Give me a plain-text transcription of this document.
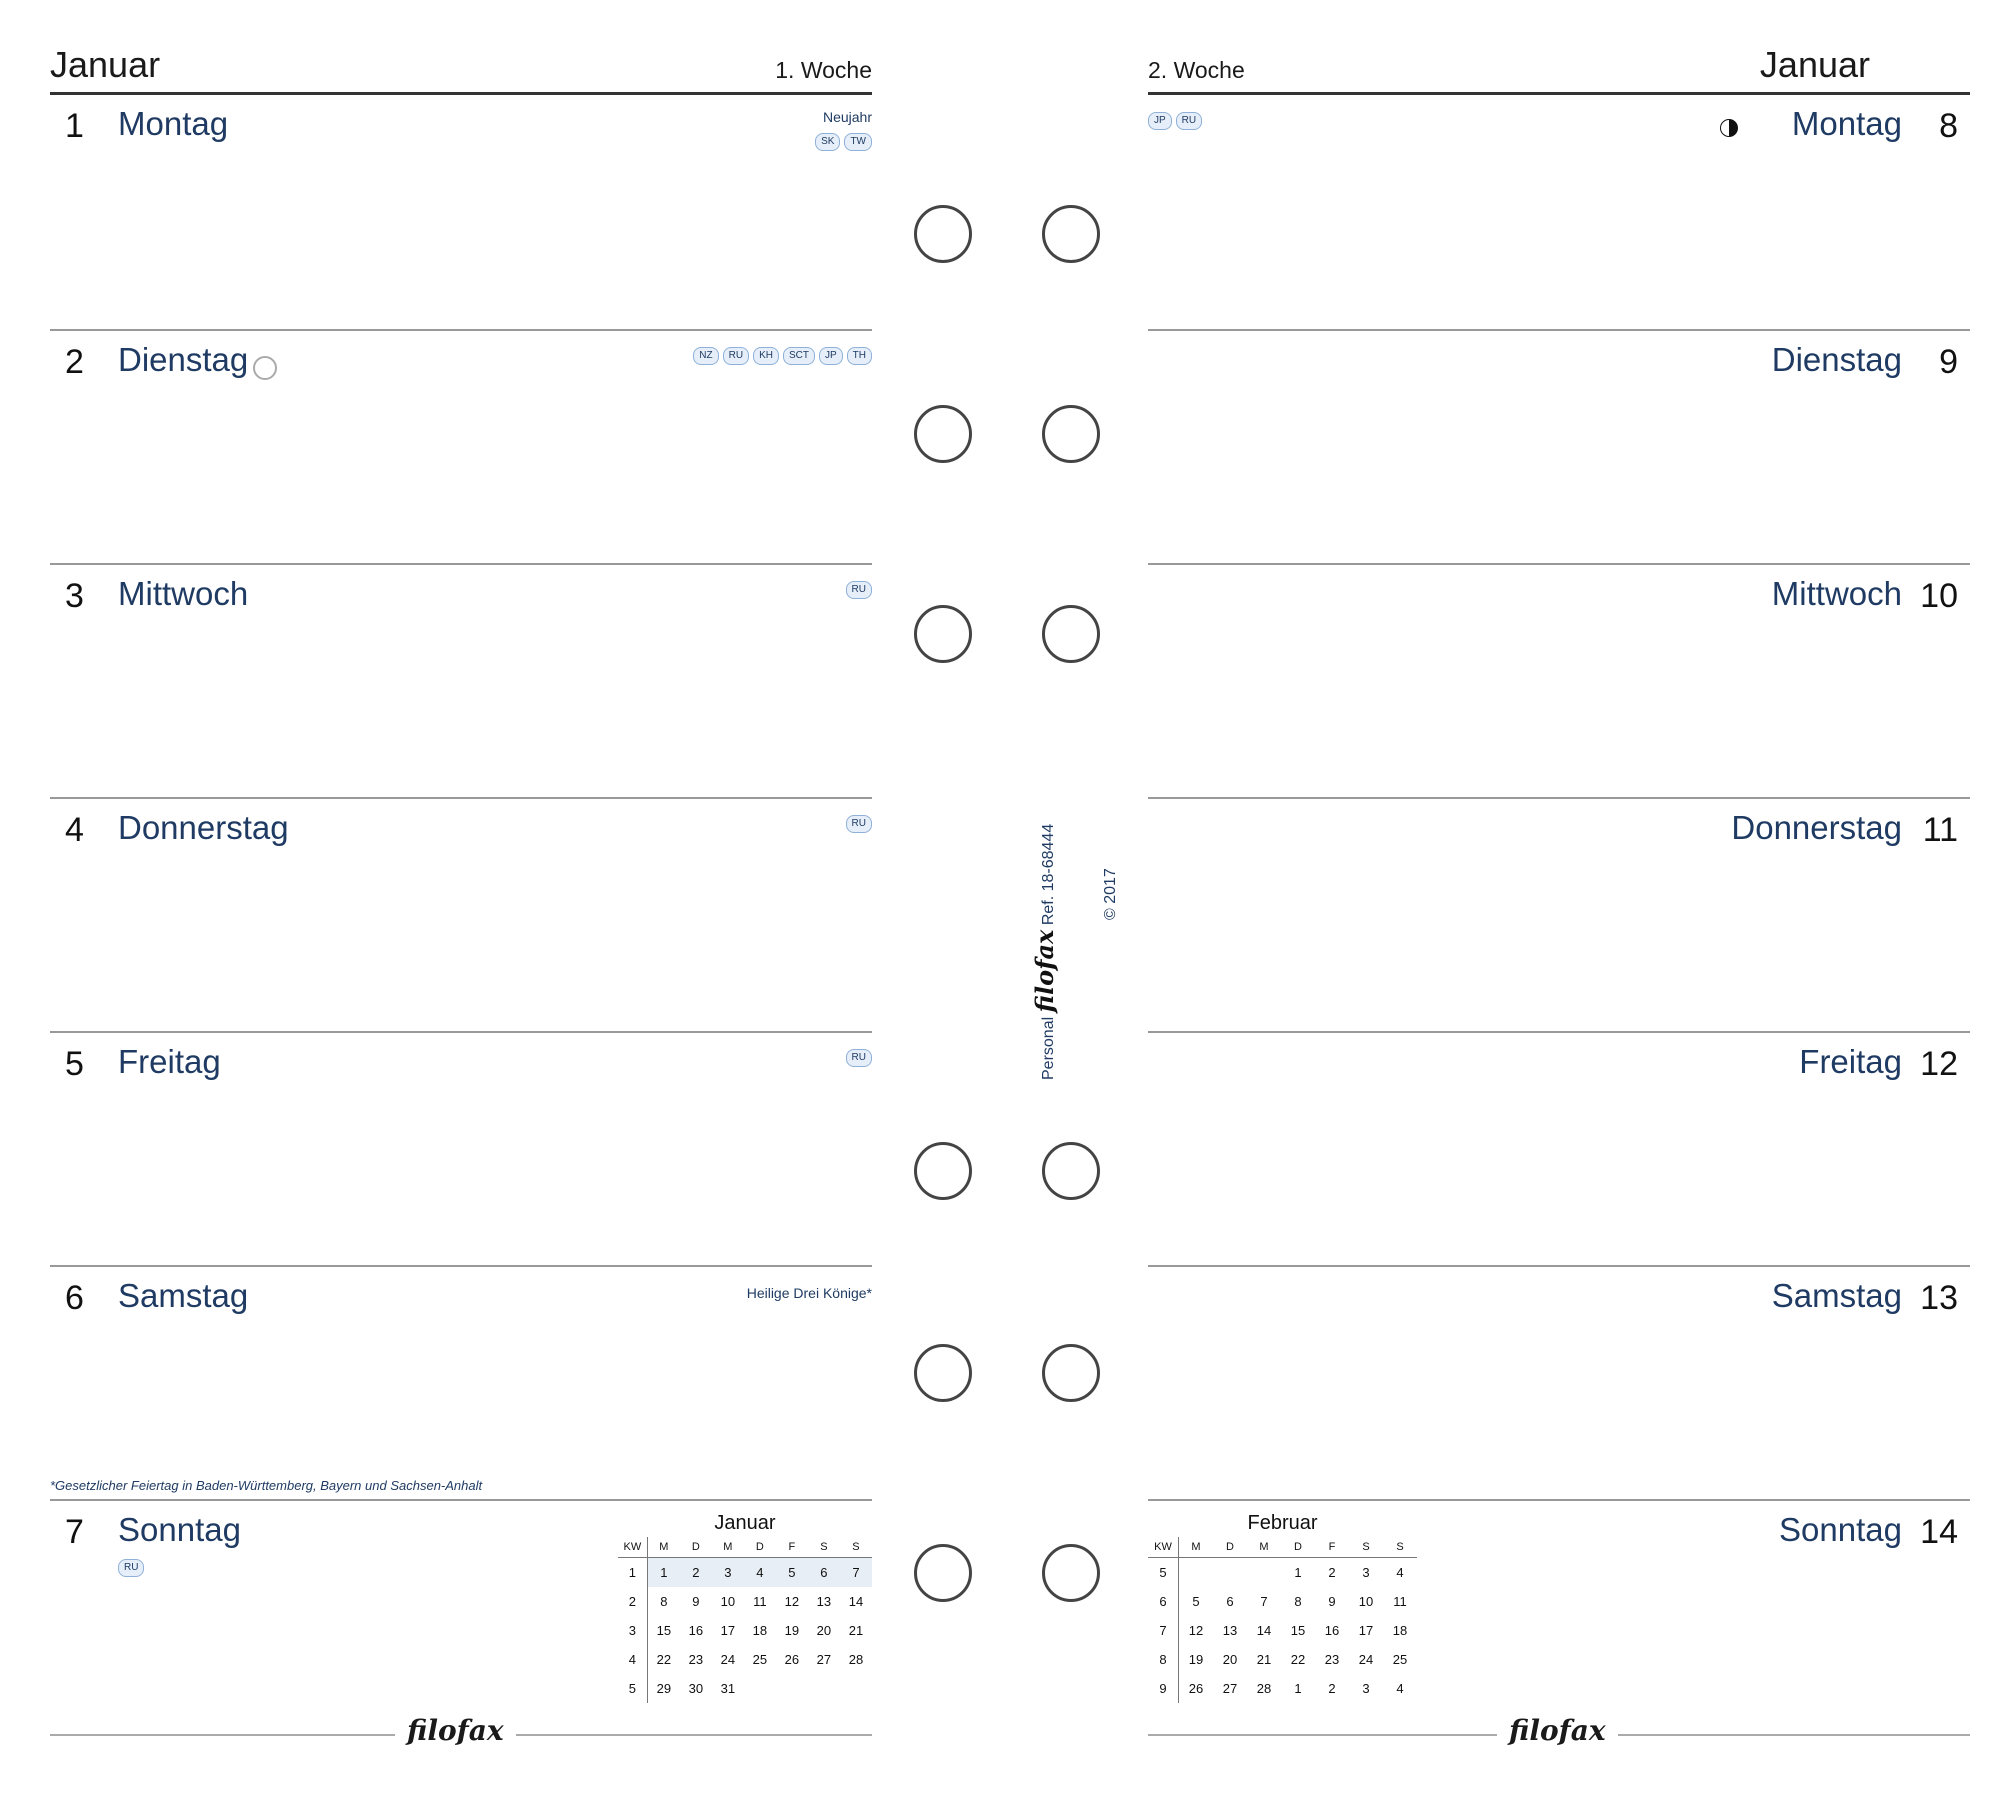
Januar	1. Woche
1 Montag	Neujahr
SK	TW
2 Dienstag	NZ	RU	KH	SCT	JP	TH
3 Mittwoch	RU
4 Donnerstag	RU
5 Freitag	RU
6 Samstag	Heilige Drei Könige*
*Gesetzlicher Feiertag in Baden-Württemberg, Bayern und Sachsen-Anhalt
7 Sonntag
RU
Januar
KW	M	D	M	D	F	S	S
1	1	2	3	4	5	6	7
2	8	9	10	11	12	13	14
3	15	16	17	18	19	20	21
4	22	23	24	25	26	27	28
5	29	30	31				
filofax
Personal filofax Ref. 18-68444	© 2017
2. Woche	Januar
JP	RU	8
Montag
9
Dienstag
10
Mittwoch
11
Donnerstag
12
Freitag
13
Samstag
14
Sonntag
Februar
KW	M	D	M	D	F	S	S
5				1	2	3	4
6	5	6	7	8	9	10	11
7	12	13	14	15	16	17	18
8	19	20	21	22	23	24	25
9	26	27	28	1	2	3	4
filofax
